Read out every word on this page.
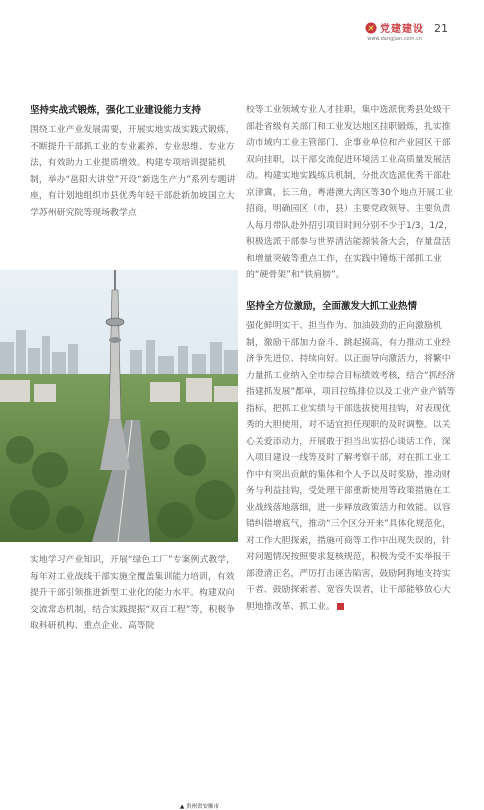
党建建设
www.dangjian.com.cn
21
坚持实战式锻炼，强化工业建设能力支持

围绕工业产业发展需要，开展实地实战实践式锻炼，不断提升干部抓工业的专业素养、专业思维、专业方法，有效助力工业提质增效。构建专项培训提能机制，举办“邕阳大讲堂”开设“新选生产力”系列专题讲座，有计划地组织市县优秀年轻干部赴新加坡国立大学苏州研究院等现场教学点

校等工业领域专业人才挂职，集中选派优秀县处级干部赴省级有关部门和工业发达地区挂职锻炼，扎实推动市域内工业主管部门、企事业单位和产业园区干部双向挂职，以干部交流促进环境活工业高质量发展活动。构建实地实践练兵机制，分批次选派优秀干部赴京津冀，长三角，粤港澳大湾区等30个地点开展工业招商，明确园区（市，县）主要党政领导、主要负责人每月带队赴外招引项目时间分别不少于1/3，1/2，积极选派干部参与世界清洁能源装备大会，存量盘活和增量突破等重点工作，在实践中锤炼干部抓工业的“硬骨架”和“铁肩膀”。

▲ 贵州省安顺市

实地学习产业知识，开展“绿色工厂”专案例式教学，每年对工业战线干部实施全覆盖集训能力培训，有效提升干部引领推进新型工业化的能力水平。构建双向交流常态机制，结合实践提振“双百工程”等，积极争取科研机构、重点企业、高等院

坚持全方位激励，全面激发大抓工业热情

强化鲜明实干、担当作为、加油鼓劲的正向激励机制，激励干部加力奋斗、跳起摸高，有力推动工业经济争先进位、持续向好。以正面导向激活力，将繁中力量抓工业纳入全市综合目标绩效考核，结合“抓经济指建抓发展”都单，项目拉练排位以及工业产业产销等指标，把抓工业实绩与干部选拔使用挂钩，对表现优秀的大胆使用，对不适宜担任现职的及时调整。以关心关爱添动力，开展敢于担当出实招心谈话工作，深入项目建设一线等及时了解考察干部，对在抓工业工作中有突出贡献的集体和个人予以及时奖励，推动财务与利益挂钩，受处理干部重新使用等政策措施在工业战线落地落细，进一步释放政策活力和效能。以容错纠错增底气，推动“三个区分开来”具体化规范化，对工作大胆探索，措施可商等工作中出现失误的，针对问题情况按照要求复核规范，积极为受不实举报干部澄清正名，严厉打击诬告陷害，鼓励阿狗地支持实干者、鼓励探索者、宽容失误者，让干部能够放心大胆地推改革、抓工业。
